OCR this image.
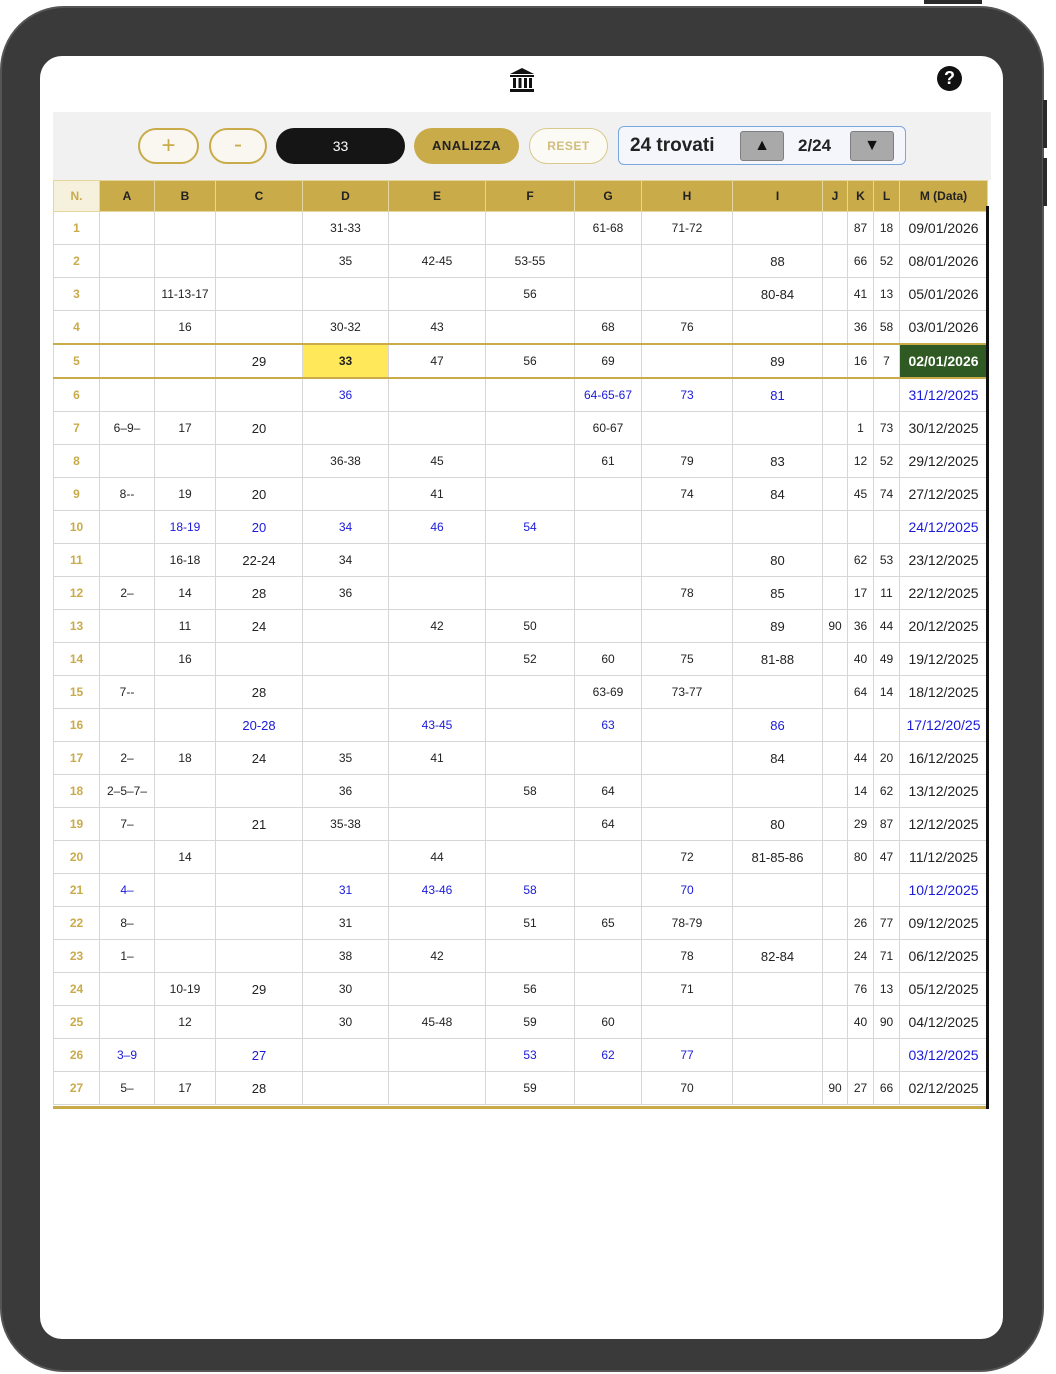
?
+	-	33	ANALIZZA	RESET	24 trovati	▲	2/24	▼
N.	A	B	C	D	E	F	G	H	I	J	K	L	M (Data)
1				31-33			61-68	71-72			87	18	09/01/2026
2				35	42-45	53-55			88		66	52	08/01/2026
3		11-13-17				56			80-84		41	13	05/01/2026
4		16		30-32	43		68	76			36	58	03/01/2026
5			29	33	47	56	69		89		16	7	02/01/2026
6				36			64-65-67	73	81				31/12/2025
7	6–9–	17	20				60-67				1	73	30/12/2025
8				36-38	45		61	79	83		12	52	29/12/2025
9	8--	19	20		41			74	84		45	74	27/12/2025
10		18-19	20	34	46	54							24/12/2025
11		16-18	22-24	34					80		62	53	23/12/2025
12	2–	14	28	36				78	85		17	11	22/12/2025
13		11	24		42	50			89	90	36	44	20/12/2025
14		16				52	60	75	81-88		40	49	19/12/2025
15	7--		28				63-69	73-77			64	14	18/12/2025
16			20-28		43-45		63		86				17/12/20/25
17	2–	18	24	35	41				84		44	20	16/12/2025
18	2–5–7–			36		58	64				14	62	13/12/2025
19	7–		21	35-38			64		80		29	87	12/12/2025
20		14			44			72	81-85-86		80	47	11/12/2025
21	4–			31	43-46	58		70					10/12/2025
22	8–			31		51	65	78-79			26	77	09/12/2025
23	1–			38	42			78	82-84		24	71	06/12/2025
24		10-19	29	30		56		71			76	13	05/12/2025
25		12		30	45-48	59	60				40	90	04/12/2025
26	3–9		27			53	62	77					03/12/2025
27	5–	17	28			59		70		90	27	66	02/12/2025
